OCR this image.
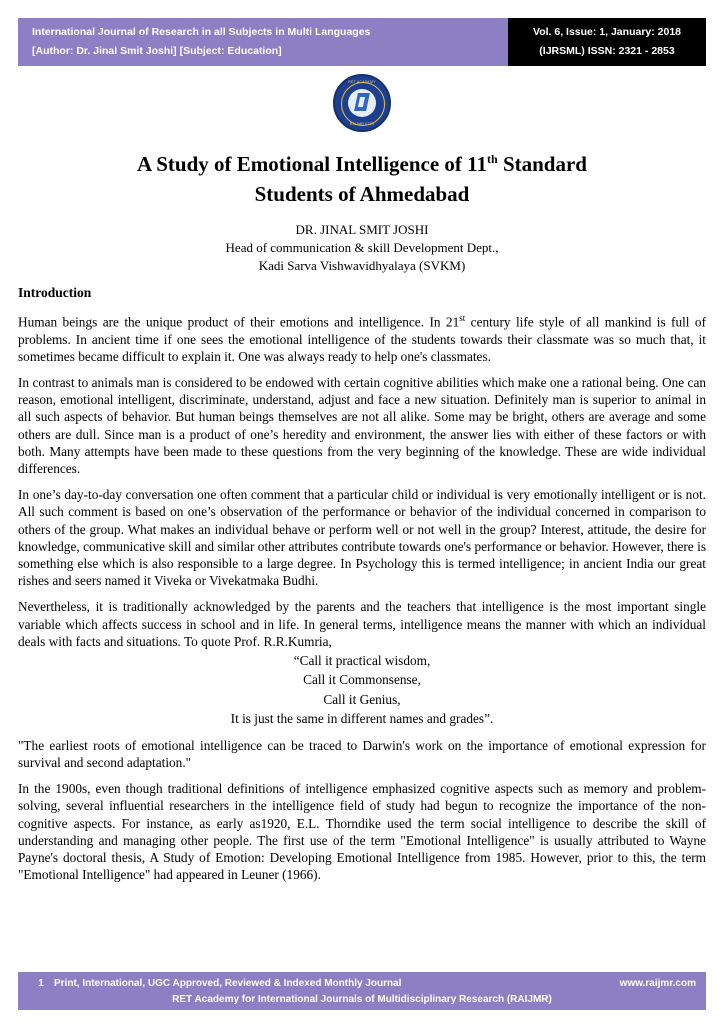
International Journal of Research in all Subjects in Multi Languages
[Author: Dr. Jinal Smit Joshi] [Subject: Education]
Vol. 6, Issue: 1, January: 2018
(IJRSML) ISSN: 2321 - 2853
RET ACADEMY
RAIJMR ETRI
A Study of Emotional Intelligence of 11th Standard
Students of Ahmedabad
DR. JINAL SMIT JOSHI
Head of communication & skill Development Dept.,
Kadi Sarva Vishwavidhyalaya (SVKM)
Introduction

Human beings are the unique product of their emotions and intelligence. In 21st century life style of all mankind is full of problems. In ancient time if one sees the emotional intelligence of the students towards their classmate was so much that, it sometimes became difficult to explain it. One was always ready to help one's classmates.

In contrast to animals man is considered to be endowed with certain cognitive abilities which make one a rational being. One can reason, emotional intelligent, discriminate, understand, adjust and face a new situation. Definitely man is superior to animal in all such aspects of behavior. But human beings themselves are not all alike. Some may be bright, others are average and some others are dull. Since man is a product of one’s heredity and environment, the answer lies with either of these factors or with both. Many attempts have been made to these questions from the very beginning of the knowledge. These are wide individual differences.

In one’s day-to-day conversation one often comment that a particular child or individual is very emotionally intelligent or is not. All such comment is based on one’s observation of the performance or behavior of the individual concerned in comparison to others of the group. What makes an individual behave or perform well or not well in the group? Interest, attitude, the desire for knowledge, communicative skill and similar other attributes contribute towards one's performance or behavior. However, there is something else which is also responsible to a large degree. In Psychology this is termed intelligence; in ancient India our great rishes and seers named it Viveka or Vivekatmaka Budhi.

Nevertheless, it is traditionally acknowledged by the parents and the teachers that intelligence is the most important single variable which affects success in school and in life. In general terms, intelligence means the manner with which an individual deals with facts and situations. To quote Prof. R.R.Kumria,

“Call it practical wisdom,
Call it Commonsense,
Call it Genius,
It is just the same in different names and grades”.

"The earliest roots of emotional intelligence can be traced to Darwin's work on the importance of emotional expression for survival and second adaptation."

In the 1900s, even though traditional definitions of intelligence emphasized cognitive aspects such as memory and problem-solving, several influential researchers in the intelligence field of study had begun to recognize the importance of the non-cognitive aspects. For instance, as early as1920, E.L. Thorndike used the term social intelligence to describe the skill of understanding and managing other people. The first use of the term "Emotional Intelligence" is usually attributed to Wayne Payne's doctoral thesis, A Study of Emotion: Developing Emotional Intelligence from 1985. However, prior to this, the term "Emotional Intelligence" had appeared in Leuner (1966).

1	Print, International, UGC Approved, Reviewed & Indexed Monthly Journal	www.raijmr.com
RET Academy for International Journals of Multidisciplinary Research (RAIJMR)
